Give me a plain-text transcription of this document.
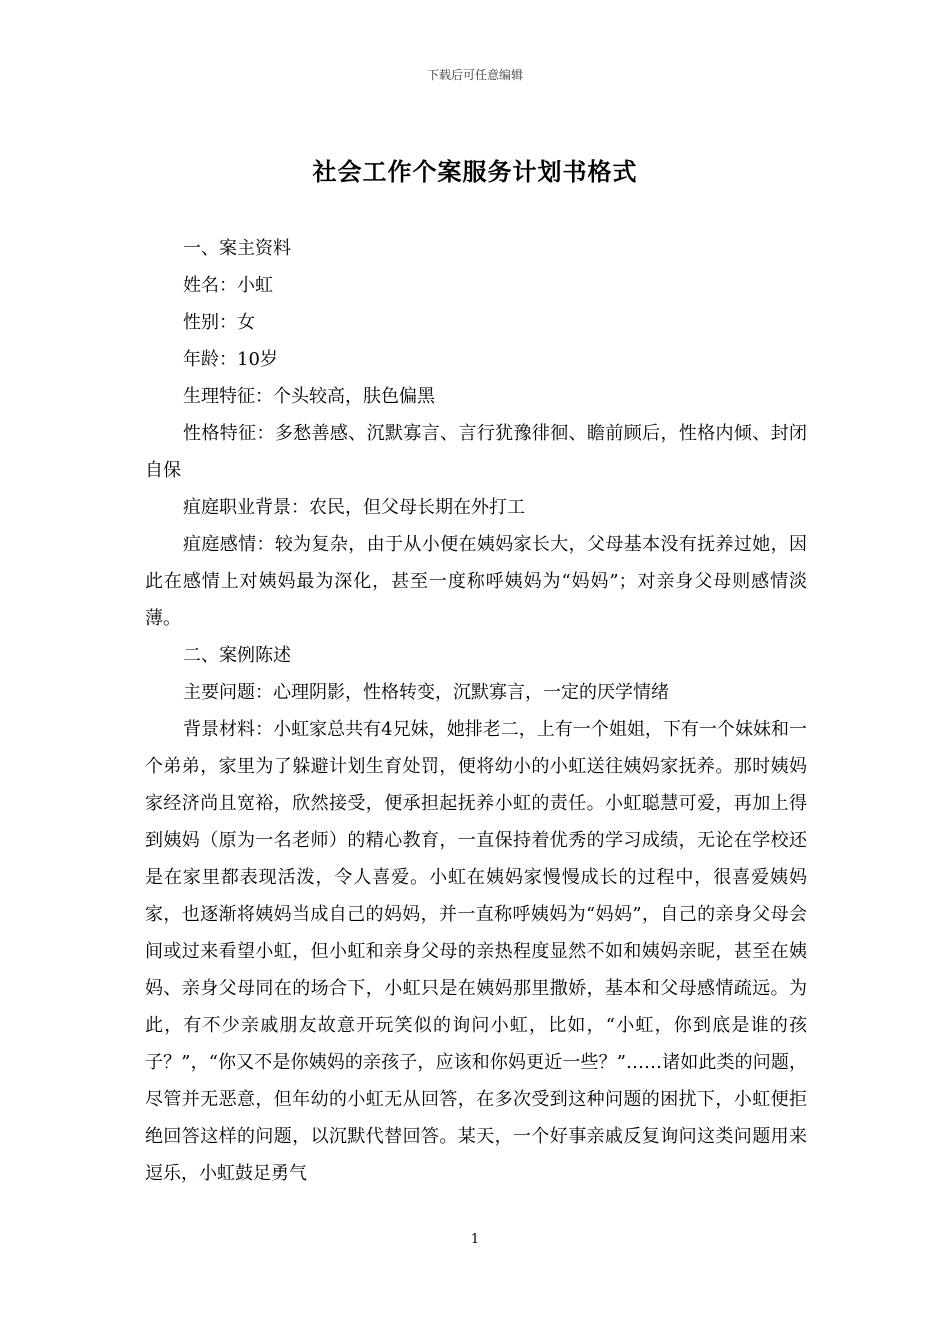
下载后可任意编辑
社会工作个案服务计划书格式

一、案主资料

姓名：小虹

性别：女

年龄：10岁

生理特征：个头较高，肤色偏黑

性格特征：多愁善感、沉默寡言、言行犹豫徘徊、瞻前顾后，性格内倾、封闭自保

疽庭职业背景：农民，但父母长期在外打工

疽庭感情：较为复杂，由于从小便在姨妈家长大，父母基本没有抚养过她，因此在感情上对姨妈最为深化，甚至一度称呼姨妈为“妈妈”；对亲身父母则感情淡薄。

二、案例陈述

主要问题：心理阴影，性格转变，沉默寡言，一定的厌学情绪

背景材料：小虹家总共有4兄妹，她排老二，上有一个姐姐，下有一个妹妹和一个弟弟，家里为了躲避计划生育处罚，便将幼小的小虹送往姨妈家抚养。那时姨妈家经济尚且宽裕，欣然接受，便承担起抚养小虹的责任。小虹聪慧可爱，再加上得到姨妈（原为一名老师）的精心教育，一直保持着优秀的学习成绩，无论在学校还是在家里都表现活泼，令人喜爱。小虹在姨妈家慢慢成长的过程中，很喜爱姨妈家，也逐渐将姨妈当成自己的妈妈，并一直称呼姨妈为“妈妈”，自己的亲身父母会间或过来看望小虹，但小虹和亲身父母的亲热程度显然不如和姨妈亲昵，甚至在姨妈、亲身父母同在的场合下，小虹只是在姨妈那里撒娇，基本和父母感情疏远。为此，有不少亲戚朋友故意开玩笑似的询问小虹，比如，“小虹，你到底是谁的孩子？”，“你又不是你姨妈的亲孩子，应该和你妈更近一些？”……诸如此类的问题，尽管并无恶意，但年幼的小虹无从回答，在多次受到这种问题的困扰下，小虹便拒绝回答这样的问题，以沉默代替回答。某天，一个好事亲戚反复询问这类问题用来逗乐，小虹鼓足勇气

1
